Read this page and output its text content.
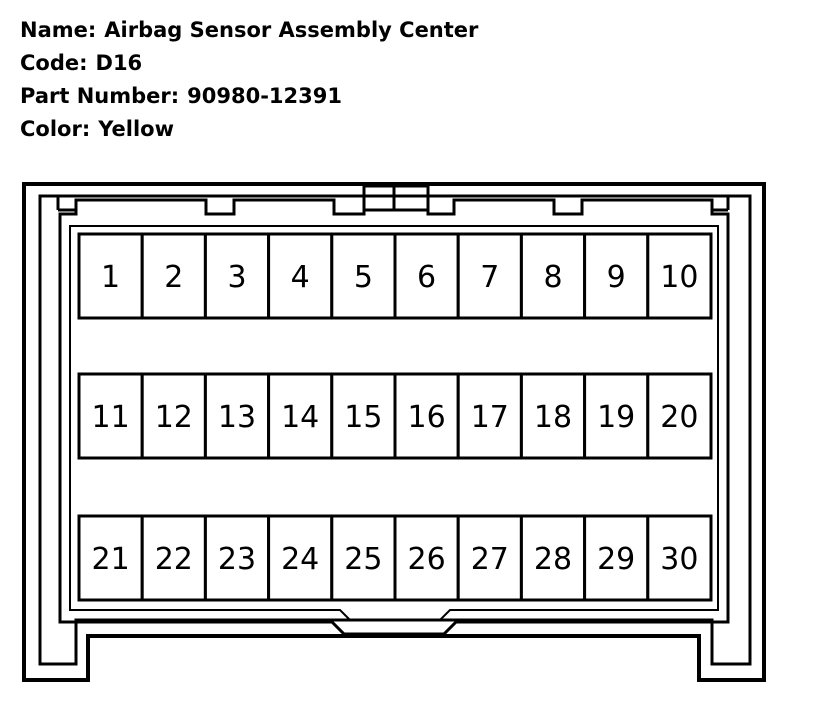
Name: Airbag Sensor Assembly Center
Code: D16
Part Number: 90980-12391
Color: Yellow
1 2 3 4 5 6 7 8 9 10
11 12 13 14 15 16 17 18 19 20
21 22 23 24 25 26 27 28 29 30
